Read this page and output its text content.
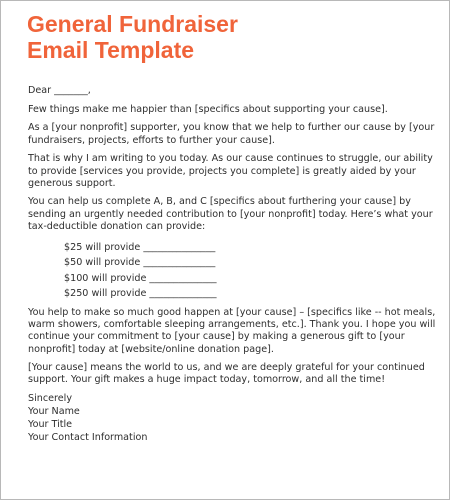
General Fundraiser
Email Template

Dear _______,

Few things make me happier than [specifics about supporting your cause].

As a [your nonprofit] supporter, you know that we help to further our cause by [your fundraisers, projects, efforts to further your cause].

That is why I am writing to you today. As our cause continues to struggle, our ability to provide [services you provide, projects you complete] is greatly aided by your generous support.

You can help us complete A, B, and C [specifics about furthering your cause] by sending an urgently needed contribution to [your nonprofit] today. Here’s what your tax-deductible donation can provide:

$25 will provide _______________
$50 will provide _______________
$100 will provide ______________
$250 will provide ______________

You help to make so much good happen at [your cause] – [specifics like -- hot meals, warm showers, comfortable sleeping arrangements, etc.]. Thank you. I hope you will continue your commitment to [your cause] by making a generous gift to [your nonprofit] today at [website/online donation page].

[Your cause] means the world to us, and we are deeply grateful for your continued support. Your gift makes a huge impact today, tomorrow, and all the time!

Sincerely
Your Name
Your Title
Your Contact Information
